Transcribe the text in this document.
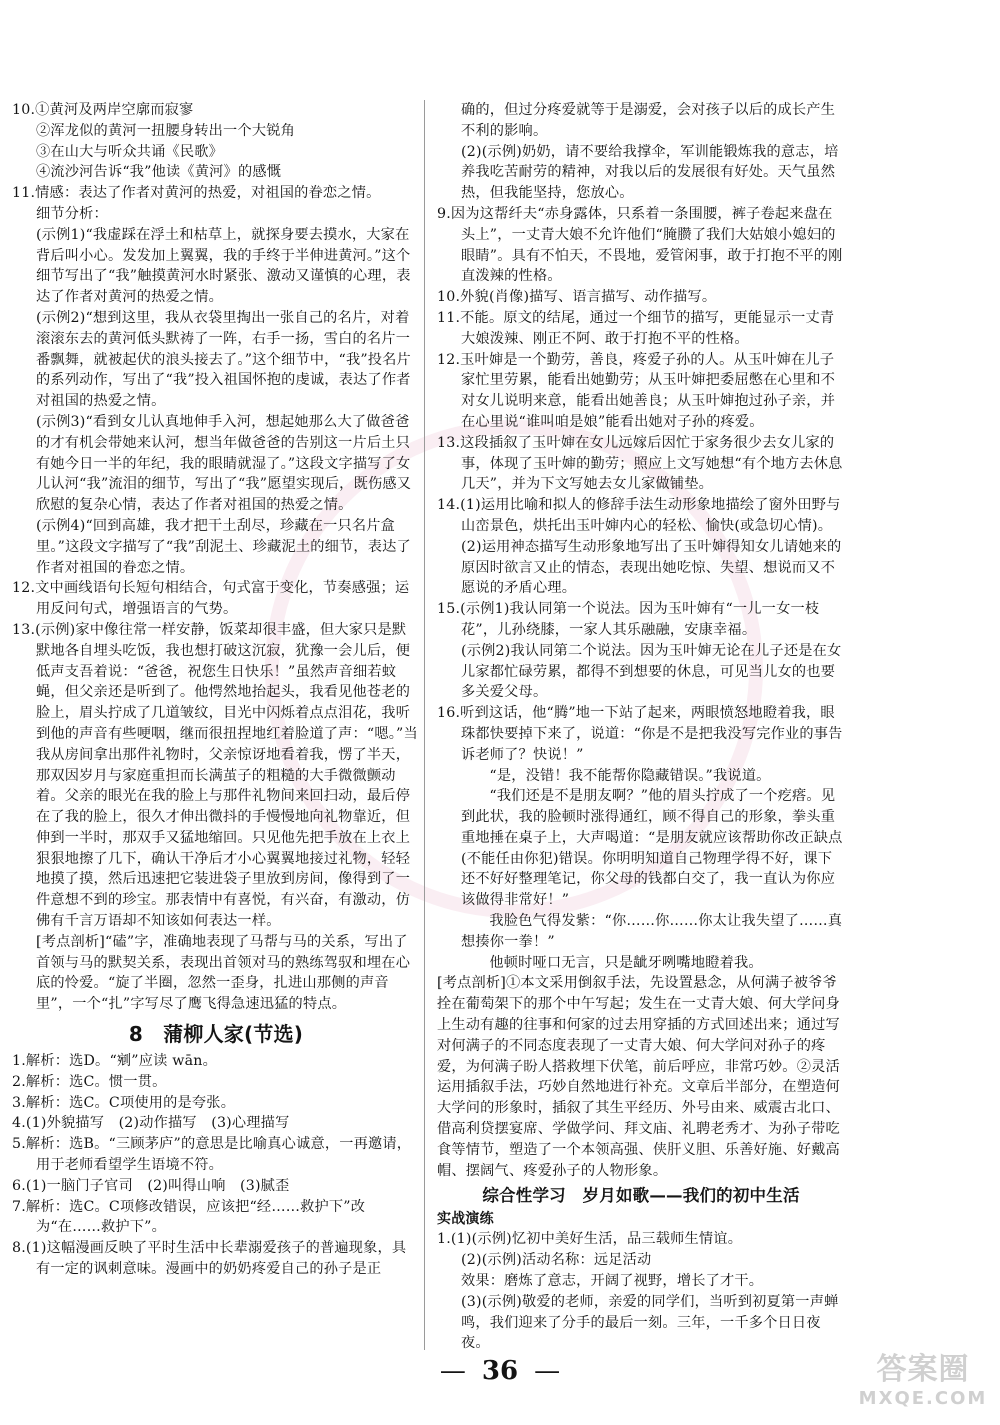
10.①黄河及两岸空廓而寂寥

②浑龙似的黄河一扭腰身转出一个大锐角

③在山大与听众共诵《民歌》

④流沙河告诉“我”他读《黄河》的感慨

11.情感：表达了作者对黄河的热爱，对祖国的眷恋之情。

细节分析：

(示例1)“我虚踩在浮土和枯草上，就探身要去摸水，大家在背后叫小心。发发加上翼翼，我的手终于半伸进黄河。”这个细节写出了“我”触摸黄河水时紧张、激动又谨慎的心理，表达了作者对黄河的热爱之情。

(示例2)“想到这里，我从衣袋里掏出一张自己的名片，对着滚滚东去的黄河低头默祷了一阵，右手一扬，雪白的名片一番飘舞，就被起伏的浪头接去了。”这个细节中，“我”投名片的系列动作，写出了“我”投入祖国怀抱的虔诚，表达了作者对祖国的热爱之情。

(示例3)“看到女儿认真地伸手入河，想起她那么大了做爸爸的才有机会带她来认河，想当年做爸爸的告别这一片后土只有她今日一半的年纪，我的眼睛就湿了。”这段文字描写了女儿认河“我”流泪的细节，写出了“我”愿望实现后，既伤感又欣慰的复杂心情，表达了作者对祖国的热爱之情。

(示例4)“回到高雄，我才把干土刮尽，珍藏在一只名片盒里。”这段文字描写了“我”刮泥土、珍藏泥土的细节，表达了作者对祖国的眷恋之情。

12.文中画线语句长短句相结合，句式富于变化，节奏感强；运用反问句式，增强语言的气势。

13.(示例)家中像往常一样安静，饭菜却很丰盛，但大家只是默默地各自埋头吃饭，我也想打破这沉寂，犹豫一会儿后，便低声支吾着说：“爸爸，祝您生日快乐！”虽然声音细若蚊蝇，但父亲还是听到了。他愕然地抬起头，我看见他苍老的脸上，眉头拧成了几道皱纹，目光中闪烁着点点泪花，我听到他的声音有些哽咽，继而很扭捏地红着脸道了声：“嗯。”当我从房间拿出那件礼物时，父亲惊讶地看着我，愣了半天，那双因岁月与家庭重担而长满茧子的粗糙的大手微微颤动着。父亲的眼光在我的脸上与那件礼物间来回扫动，最后停在了我的脸上，很久才伸出微抖的手慢慢地向礼物靠近，但伸到一半时，那双手又猛地缩回。只见他先把手放在上衣上狠狠地擦了几下，确认干净后才小心翼翼地接过礼物，轻轻地摸了摸，然后迅速把它装进袋子里放到房间，像得到了一件意想不到的珍宝。那表情中有喜悦，有兴奋，有激动，仿佛有千言万语却不知该如何表达一样。

[考点剖析]“磕”字，准确地表现了马帮与马的关系，写出了首领与马的默契关系，表现出首领对马的熟练驾驭和埋在心底的怜爱。“旋了半圈，忽然一歪身，扎进山那侧的声音里”，一个“扎”字写尽了鹰飞得急速迅猛的特点。

8　蒲柳人家(节选)

1.解析：选D。“剜”应读 wān。

2.解析：选C。惯一贯。

3.解析：选C。C项使用的是夸张。

4.(1)外貌描写　(2)动作描写　(3)心理描写

5.解析：选B。“三顾茅庐”的意思是比喻真心诚意，一再邀请，用于老师看望学生语境不符。

6.(1)一脑门子官司　(2)叫得山响　(3)腻歪

7.解析：选C。C项修改错误，应该把“经……救护下”改为“在……救护下”。

8.(1)这幅漫画反映了平时生活中长辈溺爱孩子的普遍现象，具有一定的讽刺意味。漫画中的奶奶疼爱自己的孙子是正

确的，但过分疼爱就等于是溺爱，会对孩子以后的成长产生不利的影响。

(2)(示例)奶奶，请不要给我撑伞，军训能锻炼我的意志，培养我吃苦耐劳的精神，对我以后的发展很有好处。天气虽然热，但我能坚持，您放心。

9.因为这帮纤夫“赤身露体，只系着一条围腰，裤子卷起来盘在头上”，一丈青大娘不允许他们“腌臜了我们大姑娘小媳妇的眼睛”。具有不怕天，不畏地，爱管闲事，敢于打抱不平的刚直泼辣的性格。

10.外貌(肖像)描写、语言描写、动作描写。

11.不能。原文的结尾，通过一个细节的描写，更能显示一丈青大娘泼辣、刚正不阿、敢于打抱不平的性格。

12.玉叶婶是一个勤劳，善良，疼爱子孙的人。从玉叶婶在儿子家忙里劳累，能看出她勤劳；从玉叶婶把委屈憋在心里和不对女儿说明来意，能看出她善良；从玉叶婶抱过孙子亲，并在心里说“谁叫咱是娘”能看出她对子孙的疼爱。

13.这段插叙了玉叶婶在女儿远嫁后因忙于家务很少去女儿家的事，体现了玉叶婶的勤劳；照应上文写她想“有个地方去休息几天”，并为下文写她去女儿家做铺垫。

14.(1)运用比喻和拟人的修辞手法生动形象地描绘了窗外田野与山峦景色，烘托出玉叶婶内心的轻松、愉快(或急切心情)。

(2)运用神态描写生动形象地写出了玉叶婶得知女儿请她来的原因时欲言又止的情态，表现出她吃惊、失望、想说而又不愿说的矛盾心理。

15.(示例1)我认同第一个说法。因为玉叶婶有“一儿一女一枝花”，儿孙绕膝，一家人其乐融融，安康幸福。

(示例2)我认同第二个说法。因为玉叶婶无论在儿子还是在女儿家都忙碌劳累，都得不到想要的休息，可见当儿女的也要多关爱父母。

16.听到这话，他“腾”地一下站了起来，两眼愤怒地瞪着我，眼珠都快要掉下来了，说道：“你是不是把我没写完作业的事告诉老师了？快说！”

“是，没错！我不能帮你隐藏错误。”我说道。

“我们还是不是朋友啊？”他的眉头拧成了一个疙瘩。见到此状，我的脸顿时涨得通红，顾不得自己的形象，拳头重重地捶在桌子上，大声喝道：“是朋友就应该帮助你改正缺点(不能任由你犯)错误。你明明知道自己物理学得不好，课下还不好好整理笔记，你父母的钱都白交了，我一直认为你应该做得非常好！”

我脸色气得发紫：“你……你……你太让我失望了……真想揍你一拳！”

他顿时哑口无言，只是龇牙咧嘴地瞪着我。

[考点剖析]①本文采用倒叙手法，先设置悬念，从何满子被爷爷拴在葡萄架下的那个中午写起；发生在一丈青大娘、何大学问身上生动有趣的往事和何家的过去用穿插的方式回述出来；通过写对何满子的不同态度表现了一丈青大娘、何大学问对孙子的疼爱，为何满子盼人搭救埋下伏笔，前后呼应，非常巧妙。②灵活运用插叙手法，巧妙自然地进行补充。文章后半部分，在塑造何大学问的形象时，插叙了其生平经历、外号由来、威震古北口、借高利贷摆宴席、学做学问、拜文庙、礼聘老秀才、为孙子带吃食等情节，塑造了一个本领高强、侠肝义胆、乐善好施、好戴高帽、摆阔气、疼爱孙子的人物形象。

综合性学习　岁月如歌——我们的初中生活
实战演练

1.(1)(示例)忆初中美好生活，品三载师生情谊。

(2)(示例)活动名称：远足活动

效果：磨炼了意志，开阔了视野，增长了才干。

(3)(示例)敬爱的老师，亲爱的同学们，当听到初夏第一声蝉鸣，我们迎来了分手的最后一刻。三年，一千多个日日夜夜。

— 36 —	答案圈
MXQE.COM
